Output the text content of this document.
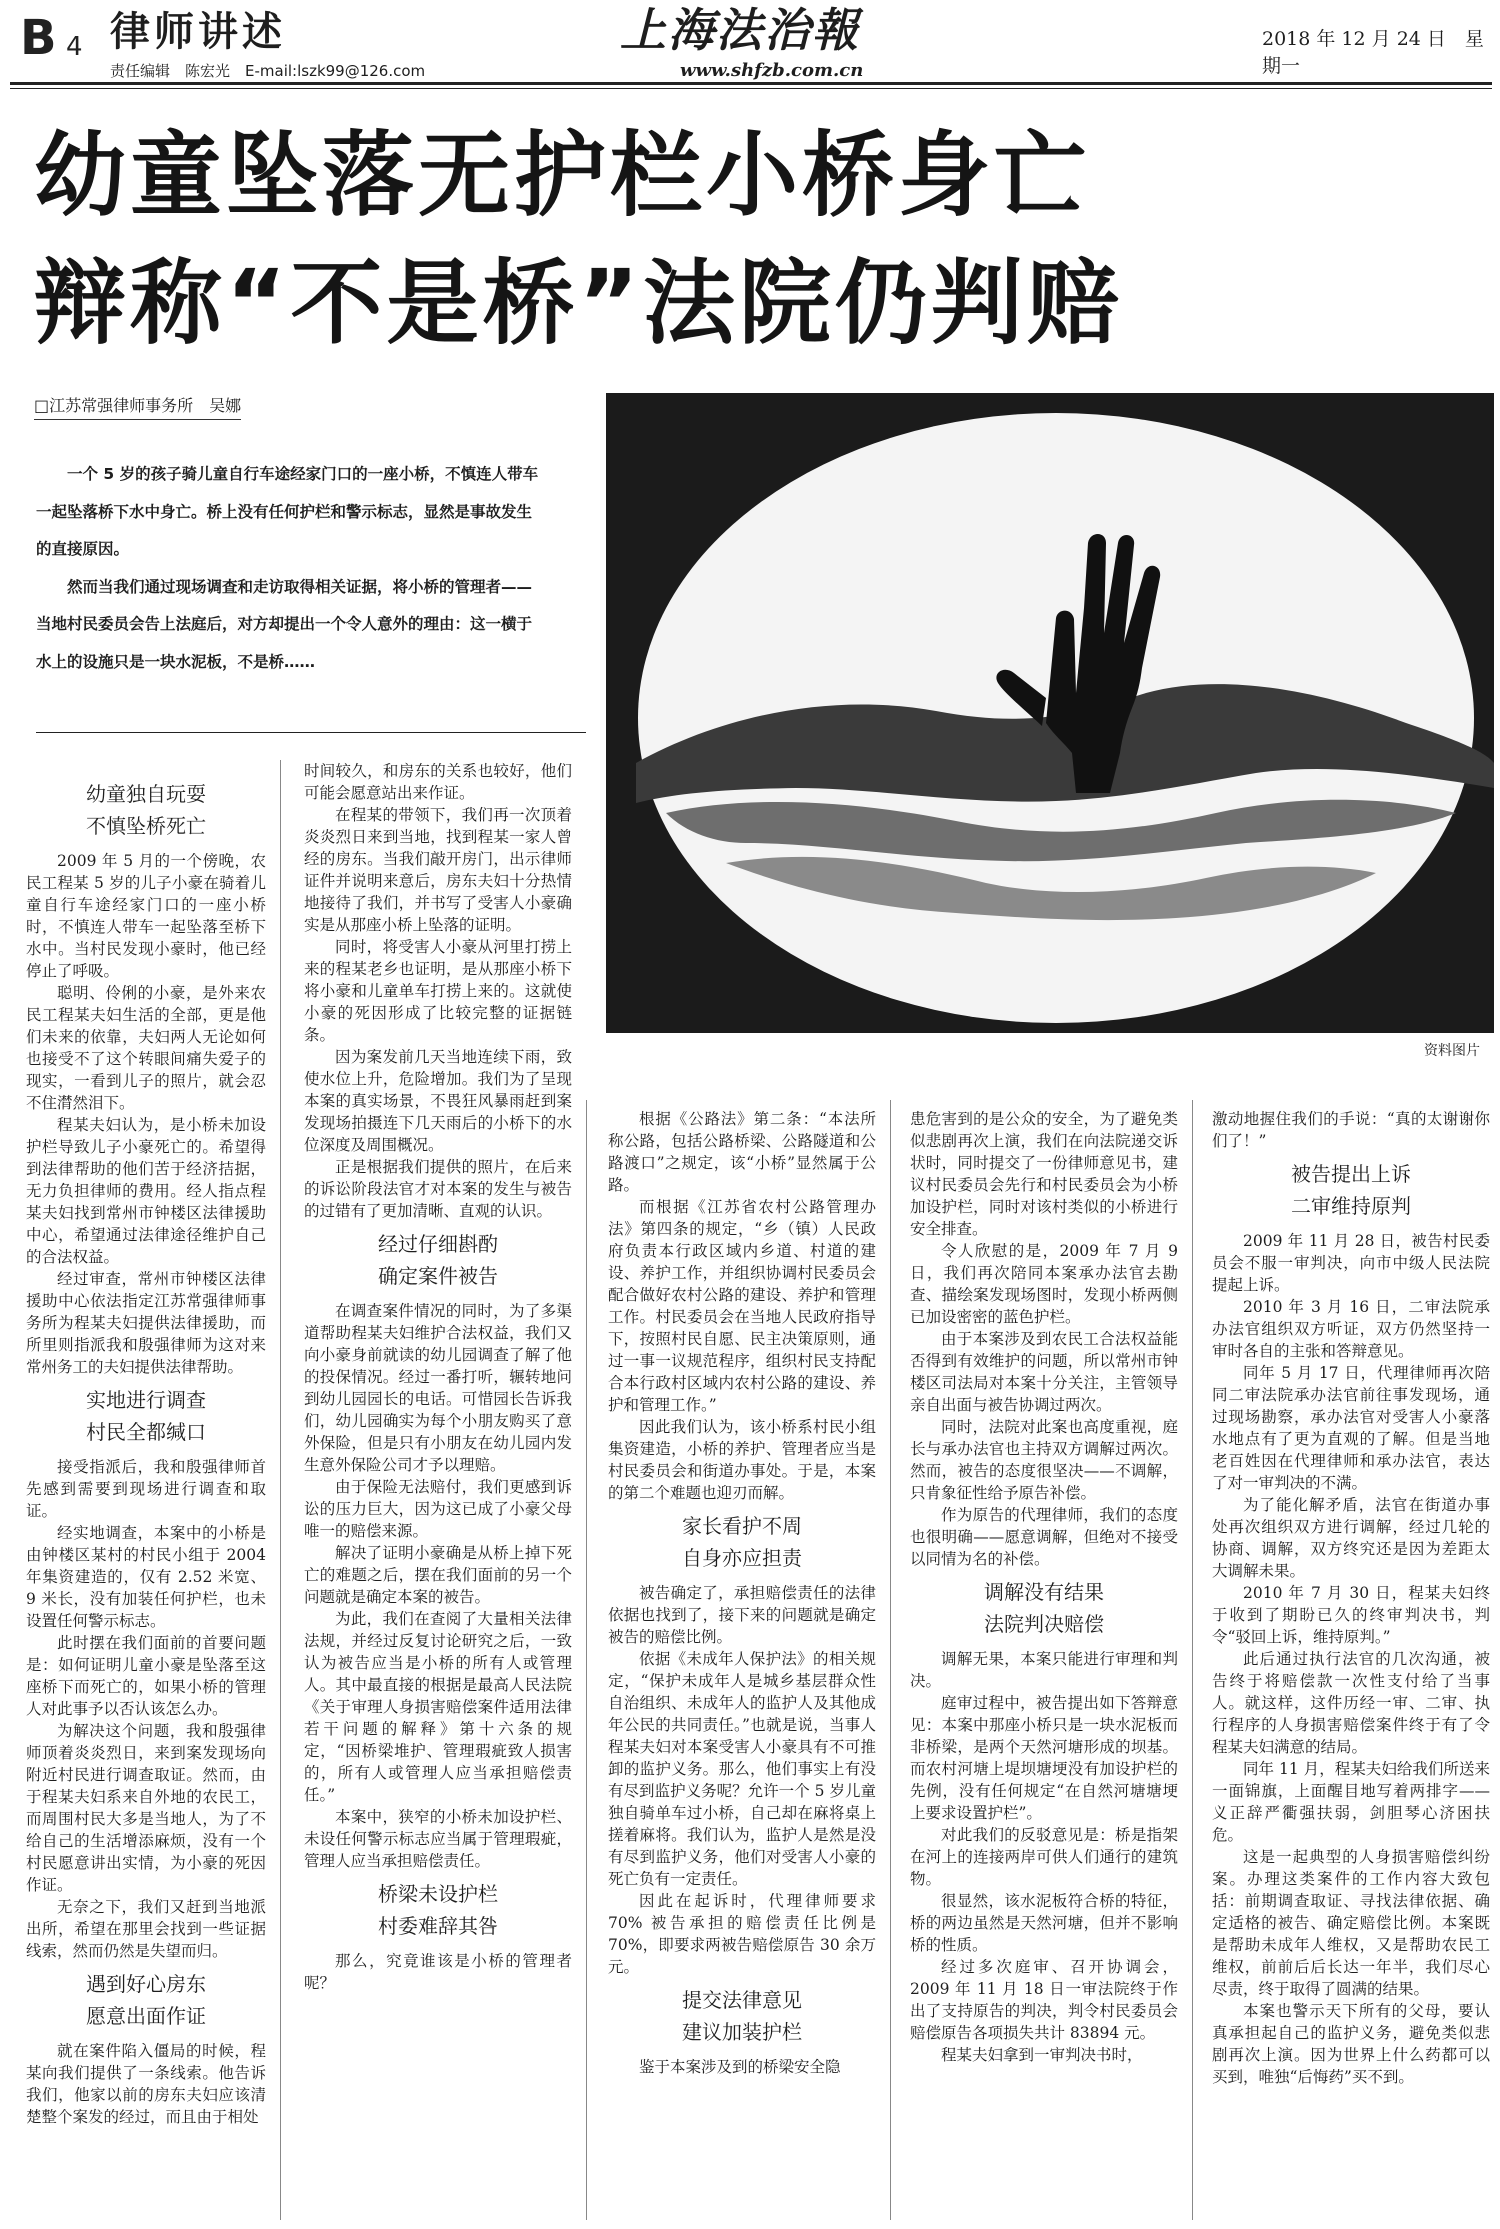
B 4 律师讲述
责任编辑　陈宏光　E-mail:lszk99@126.com
上海法治報
www.shfzb.com.cn
2018 年 12 月 24 日　星期一
幼童坠落无护栏小桥身亡
辩称“不是桥”法院仍判赔
□江苏常强律师事务所　吴娜

一个 5 岁的孩子骑儿童自行车途经家门口的一座小桥，不慎连人带车一起坠落桥下水中身亡。桥上没有任何护栏和警示标志，显然是事故发生的直接原因。

然而当我们通过现场调查和走访取得相关证据，将小桥的管理者——当地村民委员会告上法庭后，对方却提出一个令人意外的理由：这一横于水上的设施只是一块水泥板，不是桥……

资料图片
幼童独自玩耍
不慎坠桥死亡

2009 年 5 月的一个傍晚，农民工程某 5 岁的儿子小豪在骑着儿童自行车途经家门口的一座小桥时，不慎连人带车一起坠落至桥下水中。当村民发现小豪时，他已经停止了呼吸。

聪明、伶俐的小豪，是外来农民工程某夫妇生活的全部，更是他们未来的依靠，夫妇两人无论如何也接受不了这个转眼间痛失爱子的现实，一看到儿子的照片，就会忍不住潸然泪下。

程某夫妇认为，是小桥未加设护栏导致儿子小豪死亡的。希望得到法律帮助的他们苦于经济拮据，无力负担律师的费用。经人指点程某夫妇找到常州市钟楼区法律援助中心，希望通过法律途径维护自己的合法权益。

经过审查，常州市钟楼区法律援助中心依法指定江苏常强律师事务所为程某夫妇提供法律援助，而所里则指派我和殷强律师为这对来常州务工的夫妇提供法律帮助。

实地进行调查
村民全都缄口

接受指派后，我和殷强律师首先感到需要到现场进行调查和取证。

经实地调查，本案中的小桥是由钟楼区某村的村民小组于 2004 年集资建造的，仅有 2.52 米宽、9 米长，没有加装任何护栏，也未设置任何警示标志。

此时摆在我们面前的首要问题是：如何证明儿童小豪是坠落至这座桥下而死亡的，如果小桥的管理人对此事予以否认该怎么办。

为解决这个问题，我和殷强律师顶着炎炎烈日，来到案发现场向附近村民进行调查取证。然而，由于程某夫妇系来自外地的农民工，而周围村民大多是当地人，为了不给自己的生活增添麻烦，没有一个村民愿意讲出实情，为小豪的死因作证。

无奈之下，我们又赶到当地派出所，希望在那里会找到一些证据线索，然而仍然是失望而归。

遇到好心房东
愿意出面作证

就在案件陷入僵局的时候，程某向我们提供了一条线索。他告诉我们，他家以前的房东夫妇应该清楚整个案发的经过，而且由于相处

时间较久，和房东的关系也较好，他们可能会愿意站出来作证。

在程某的带领下，我们再一次顶着炎炎烈日来到当地，找到程某一家人曾经的房东。当我们敲开房门，出示律师证件并说明来意后，房东夫妇十分热情地接待了我们，并书写了受害人小豪确实是从那座小桥上坠落的证明。

同时，将受害人小豪从河里打捞上来的程某老乡也证明，是从那座小桥下将小豪和儿童单车打捞上来的。这就使小豪的死因形成了比较完整的证据链条。

因为案发前几天当地连续下雨，致使水位上升，危险增加。我们为了呈现本案的真实场景，不畏狂风暴雨赶到案发现场拍摄连下几天雨后的小桥下的水位深度及周围概况。

正是根据我们提供的照片，在后来的诉讼阶段法官才对本案的发生与被告的过错有了更加清晰、直观的认识。

经过仔细斟酌
确定案件被告

在调查案件情况的同时，为了多渠道帮助程某夫妇维护合法权益，我们又向小豪身前就读的幼儿园调查了解了他的投保情况。经过一番打听，辗转地问到幼儿园园长的电话。可惜园长告诉我们，幼儿园确实为每个小朋友购买了意外保险，但是只有小朋友在幼儿园内发生意外保险公司才予以理赔。

由于保险无法赔付，我们更感到诉讼的压力巨大，因为这已成了小豪父母唯一的赔偿来源。

解决了证明小豪确是从桥上掉下死亡的难题之后，摆在我们面前的另一个问题就是确定本案的被告。

为此，我们在查阅了大量相关法律法规，并经过反复讨论研究之后，一致认为被告应当是小桥的所有人或管理人。其中最直接的根据是最高人民法院《关于审理人身损害赔偿案件适用法律若干问题的解释》第十六条的规定，“因桥梁堆护、管理瑕疵致人损害的，所有人或管理人应当承担赔偿责任。”

本案中，狭窄的小桥未加设护栏、未设任何警示标志应当属于管理瑕疵，管理人应当承担赔偿责任。

桥梁未设护栏
村委难辞其咎

那么，究竟谁该是小桥的管理者呢？

根据《公路法》第二条：“本法所称公路，包括公路桥梁、公路隧道和公路渡口”之规定，该“小桥”显然属于公路。

而根据《江苏省农村公路管理办法》第四条的规定，“乡（镇）人民政府负责本行政区域内乡道、村道的建设、养护工作，并组织协调村民委员会配合做好农村公路的建设、养护和管理工作。村民委员会在当地人民政府指导下，按照村民自愿、民主决策原则，通过一事一议规范程序，组织村民支持配合本行政村区域内农村公路的建设、养护和管理工作。”

因此我们认为，该小桥系村民小组集资建造，小桥的养护、管理者应当是村民委员会和街道办事处。于是，本案的第二个难题也迎刃而解。

家长看护不周
自身亦应担责

被告确定了，承担赔偿责任的法律依据也找到了，接下来的问题就是确定被告的赔偿比例。

依据《未成年人保护法》的相关规定，“保护未成年人是城乡基层群众性自治组织、未成年人的监护人及其他成年公民的共同责任。”也就是说，当事人程某夫妇对本案受害人小豪具有不可推卸的监护义务。那么，他们事实上有没有尽到监护义务呢？允许一个 5 岁儿童独自骑单车过小桥，自己却在麻将桌上搓着麻将。我们认为，监护人是然是没有尽到监护义务，他们对受害人小豪的死亡负有一定责任。

因此在起诉时，代理律师要求 70% 被告承担的赔偿责任比例是 70%，即要求两被告赔偿原告 30 余万元。

提交法律意见
建议加装护栏

鉴于本案涉及到的桥梁安全隐

患危害到的是公众的安全，为了避免类似悲剧再次上演，我们在向法院递交诉状时，同时提交了一份律师意见书，建议村民委员会先行和村民委员会为小桥加设护栏，同时对该村类似的小桥进行安全排查。

令人欣慰的是，2009 年 7 月 9 日，我们再次陪同本案承办法官去勘查、描绘案发现场图时，发现小桥两侧已加设密密的蓝色护栏。

由于本案涉及到农民工合法权益能否得到有效维护的问题，所以常州市钟楼区司法局对本案十分关注，主管领导亲自出面与被告协调过两次。

同时，法院对此案也高度重视，庭长与承办法官也主持双方调解过两次。然而，被告的态度很坚决——不调解，只肯象征性给予原告补偿。

作为原告的代理律师，我们的态度也很明确——愿意调解，但绝对不接受以同情为名的补偿。

调解没有结果
法院判决赔偿

调解无果，本案只能进行审理和判决。

庭审过程中，被告提出如下答辩意见：本案中那座小桥只是一块水泥板而非桥梁，是两个天然河塘形成的坝基。而农村河塘上堤坝塘埂没有加设护栏的先例，没有任何规定“在自然河塘塘埂上要求设置护栏”。

对此我们的反驳意见是：桥是指架在河上的连接两岸可供人们通行的建筑物。

很显然，该水泥板符合桥的特征，桥的两边虽然是天然河塘，但并不影响桥的性质。

经过多次庭审、召开协调会，2009 年 11 月 18 日一审法院终于作出了支持原告的判决，判令村民委员会赔偿原告各项损失共计 83894 元。

程某夫妇拿到一审判决书时，

激动地握住我们的手说：“真的太谢谢你们了！”

被告提出上诉
二审维持原判

2009 年 11 月 28 日，被告村民委员会不服一审判决，向市中级人民法院提起上诉。

2010 年 3 月 16 日，二审法院承办法官组织双方听证，双方仍然坚持一审时各自的主张和答辩意见。

同年 5 月 17 日，代理律师再次陪同二审法院承办法官前往事发现场，通过现场勘察，承办法官对受害人小豪落水地点有了更为直观的了解。但是当地老百姓因在代理律师和承办法官，表达了对一审判决的不满。

为了能化解矛盾，法官在街道办事处再次组织双方进行调解，经过几轮的协商、调解，双方终究还是因为差距太大调解未果。

2010 年 7 月 30 日，程某夫妇终于收到了期盼已久的终审判决书，判令“驳回上诉，维持原判。”

此后通过执行法官的几次沟通，被告终于将赔偿款一次性支付给了当事人。就这样，这件历经一审、二审、执行程序的人身损害赔偿案件终于有了令程某夫妇满意的结局。

同年 11 月，程某夫妇给我们所送来一面锦旗，上面醒目地写着两排字——义正辞严衢强扶弱，剑胆琴心济困扶危。

这是一起典型的人身损害赔偿纠纷案。办理这类案件的工作内容大致包括：前期调查取证、寻找法律依据、确定适格的被告、确定赔偿比例。本案既是帮助未成年人维权，又是帮助农民工维权，前前后后长达一年半，我们尽心尽责，终于取得了圆满的结果。

本案也警示天下所有的父母，要认真承担起自己的监护义务，避免类似悲剧再次上演。因为世界上什么药都可以买到，唯独“后悔药”买不到。
